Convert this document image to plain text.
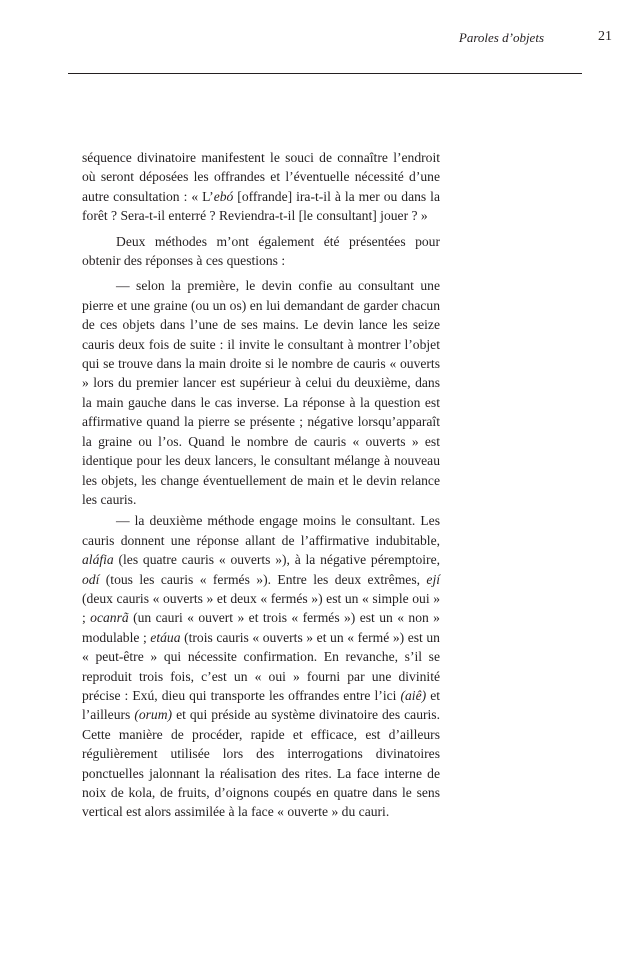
Paroles d’objets	21

séquence divinatoire manifestent le souci de connaître l’endroit où seront déposées les offrandes et l’éventuelle nécessité d’une autre consultation : « L’ebó [offrande] ira-t-il à la mer ou dans la forêt ? Sera-t-il enterré ? Reviendra-t-il [le consultant] jouer ? »

Deux méthodes m’ont également été présentées pour obtenir des réponses à ces questions :

— selon la première, le devin confie au consultant une pierre et une graine (ou un os) en lui demandant de garder chacun de ces objets dans l’une de ses mains. Le devin lance les seize cauris deux fois de suite : il invite le consultant à montrer l’objet qui se trouve dans la main droite si le nombre de cauris « ouverts » lors du premier lancer est supérieur à celui du deuxième, dans la main gauche dans le cas inverse. La réponse à la question est affirmative quand la pierre se présente ; négative lorsqu’apparaît la graine ou l’os. Quand le nombre de cauris « ouverts » est identique pour les deux lancers, le consultant mélange à nouveau les objets, les change éventuellement de main et le devin relance les cauris.

— la deuxième méthode engage moins le consultant. Les cauris donnent une réponse allant de l’affirmative indubitable, aláfia (les quatre cauris « ouverts »), à la négative péremptoire, odí (tous les cauris « fermés »). Entre les deux extrêmes, ejí (deux cauris « ouverts » et deux « fermés ») est un « simple oui » ; ocanrã (un cauri « ouvert » et trois « fermés ») est un « non » modulable ; etáua (trois cauris « ouverts » et un « fermé ») est un « peut-être » qui nécessite confirmation. En revanche, s’il se reproduit trois fois, c’est un « oui » fourni par une divinité précise : Exú, dieu qui transporte les offrandes entre l’ici (aiê) et l’ailleurs (orum) et qui préside au système divinatoire des cauris. Cette manière de procéder, rapide et efficace, est d’ailleurs régulièrement utilisée lors des interrogations divinatoires ponctuelles jalonnant la réalisation des rites. La face interne de noix de kola, de fruits, d’oignons coupés en quatre dans le sens vertical est alors assimilée à la face « ouverte » du cauri.
